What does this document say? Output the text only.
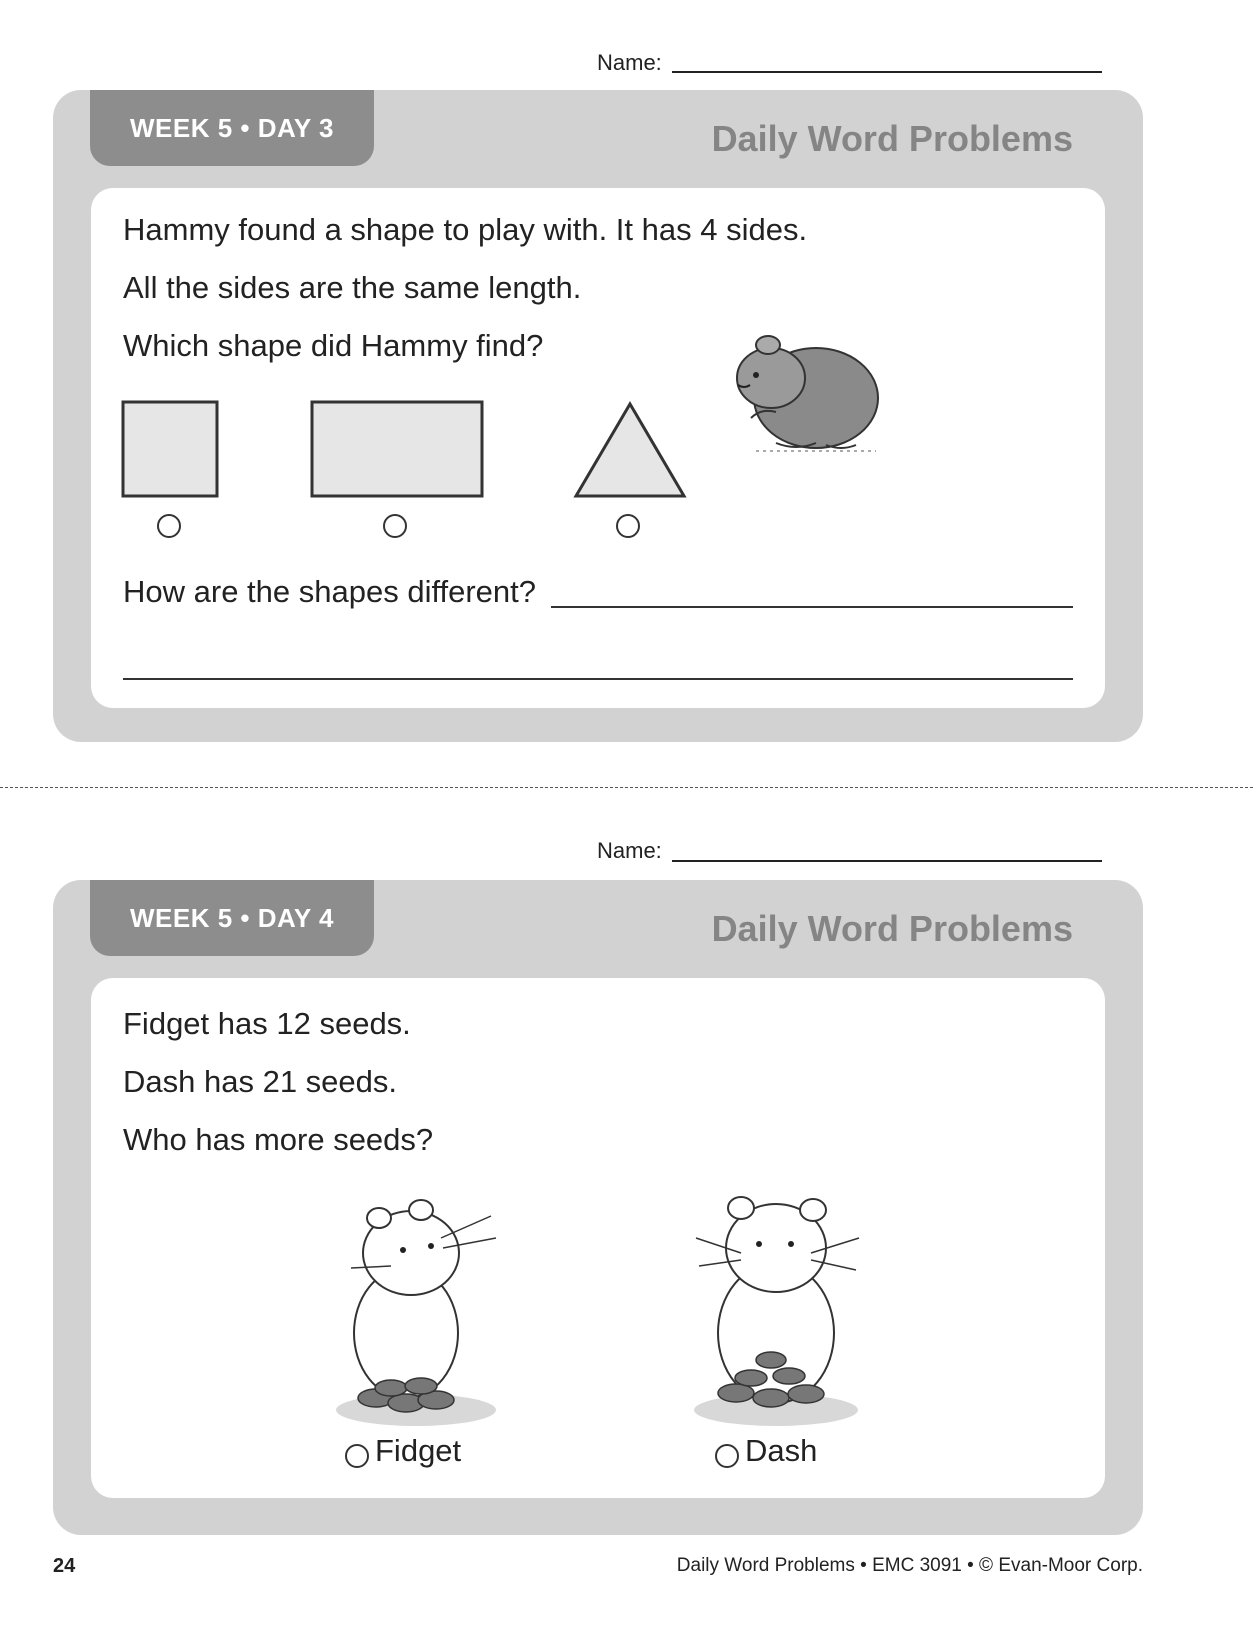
Name:
WEEK 5 • DAY 3	Daily Word Problems
Hammy found a shape to play with. It has 4 sides.
All the sides are the same length.
Which shape did Hammy find?
How are the shapes different?
Name:
WEEK 5 • DAY 4	Daily Word Problems
Fidget has 12 seeds.
Dash has 21 seeds.
Who has more seeds?
Fidget	Dash
24	Daily Word Problems • EMC 3091 • © Evan-Moor Corp.
